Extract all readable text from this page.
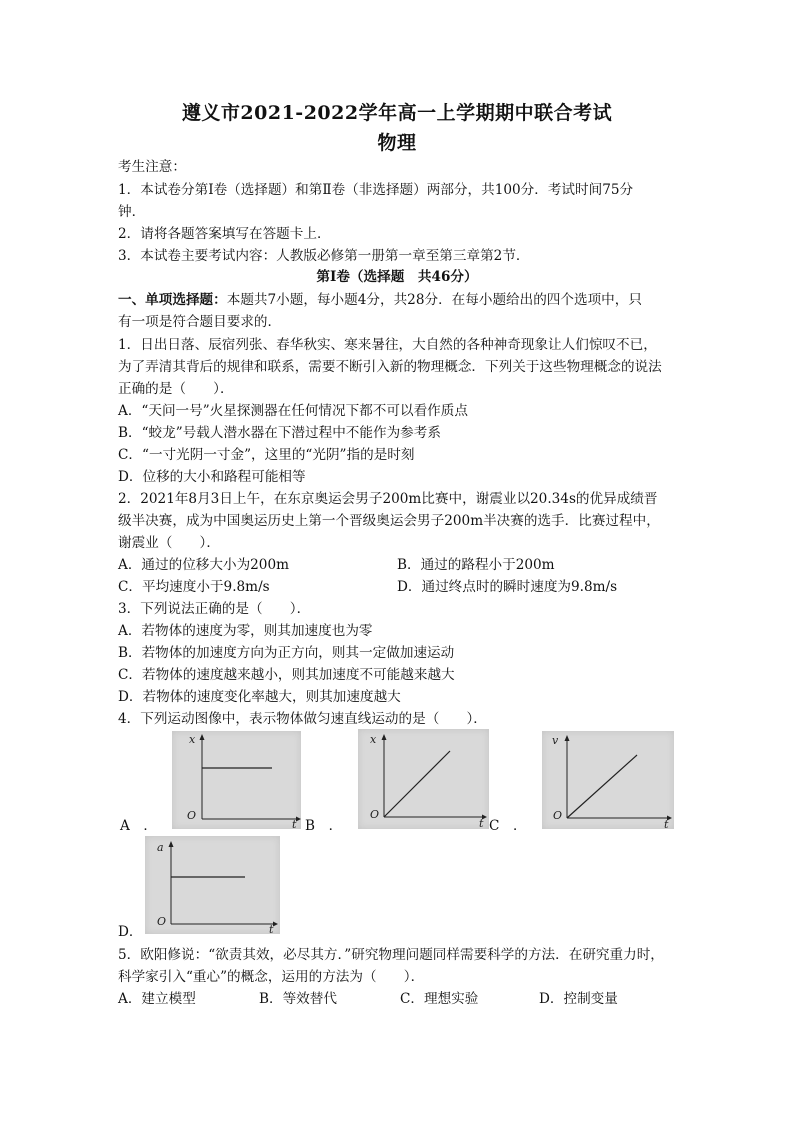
遵义市2021-2022学年高一上学期期中联合考试
物理
考生注意：
1．本试卷分第Ⅰ卷（选择题）和第Ⅱ卷（非选择题）两部分，共100分．考试时间75分
钟．
2．请将各题答案填写在答题卡上．
3．本试卷主要考试内容：人教版必修第一册第一章至第三章第2节．
第Ⅰ卷（选择题　共46分）
一、单项选择题：本题共7小题，每小题4分，共28分．在每小题给出的四个选项中，只
有一项是符合题目要求的．
1．日出日落、辰宿列张、春华秋实、寒来暑往，大自然的各种神奇现象让人们惊叹不已，
为了弄清其背后的规律和联系，需要不断引入新的物理概念．下列关于这些物理概念的说法
正确的是（　　）．
A．“天问一号”火星探测器在任何情况下都不可以看作质点
B．“蛟龙”号载人潜水器在下潜过程中不能作为参考系
C．“一寸光阴一寸金”，这里的“光阴”指的是时刻
D．位移的大小和路程可能相等
2．2021年8月3日上午，在东京奥运会男子200m比赛中，谢震业以20.34s的优异成绩晋
级半决赛，成为中国奥运历史上第一个晋级奥运会男子200m半决赛的选手．比赛过程中，
谢震业（　　）．
A．通过的位移大小为200m	B．通过的路程小于200m
C．平均速度小于9.8m/s	D．通过终点时的瞬时速度为9.8m/s
3．下列说法正确的是（　　）．
A．若物体的速度为零，则其加速度也为零
B．若物体的加速度方向为正方向，则其一定做加速运动
C．若物体的速度越来越小，则其加速度不可能越来越大
D．若物体的速度变化率越大，则其加速度越大
4．下列运动图像中，表示物体做匀速直线运动的是（　　）．
A　．
x
t
O
B　．
x
t
O
C　．
v
t
O
D．
a
t
O
5．欧阳修说：“欲责其效，必尽其方．”研究物理问题同样需要科学的方法．在研究重力时，
科学家引入“重心”的概念，运用的方法为（　　）．
A．建立模型	B．等效替代	C．理想实验	D．控制变量
